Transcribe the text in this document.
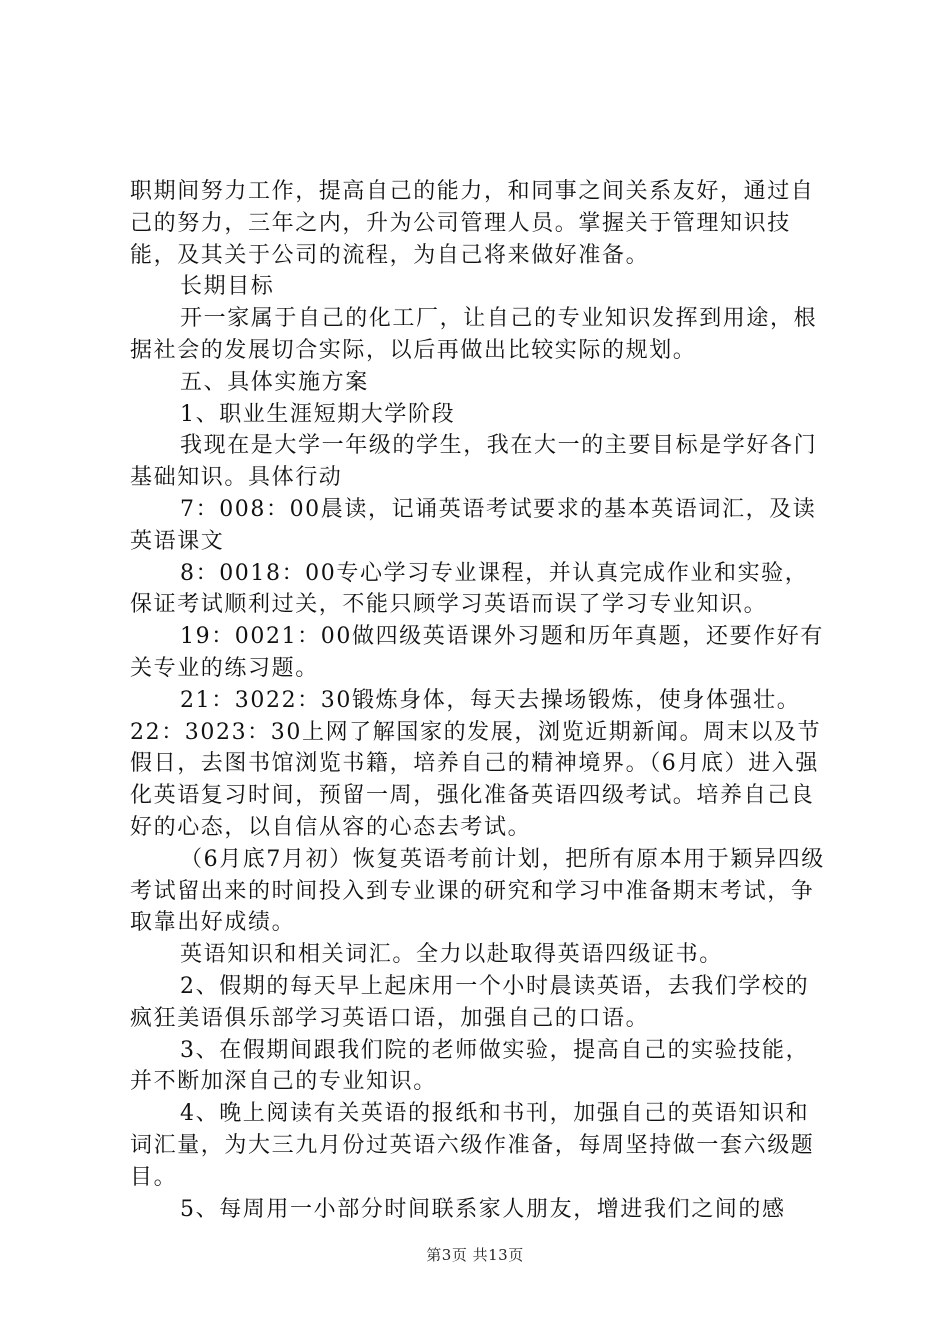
职期间努力工作，提高自己的能力，和同事之间关系友好，通过自己的努力，三年之内，升为公司管理人员。掌握关于管理知识技能，及其关于公司的流程，为自己将来做好准备。

长期目标

开一家属于自己的化工厂，让自己的专业知识发挥到用途，根据社会的发展切合实际，以后再做出比较实际的规划。

五、具体实施方案

1、职业生涯短期大学阶段

我现在是大学一年级的学生，我在大一的主要目标是学好各门基础知识。具体行动

7：008：00晨读，记诵英语考试要求的基本英语词汇，及读英语课文

8：0018：00专心学习专业课程，并认真完成作业和实验，保证考试顺利过关，不能只顾学习英语而误了学习专业知识。

19：0021：00做四级英语课外习题和历年真题，还要作好有关专业的练习题。

21：3022：30锻炼身体，每天去操场锻炼，使身体强壮。22：3023：30上网了解国家的发展，浏览近期新闻。周末以及节假日，去图书馆浏览书籍，培养自己的精神境界。（6月底）进入强化英语复习时间，预留一周，强化准备英语四级考试。培养自己良好的心态，以自信从容的心态去考试。

（6月底7月初）恢复英语考前计划，把所有原本用于颖异四级考试留出来的时间投入到专业课的研究和学习中准备期末考试，争取靠出好成绩。

英语知识和相关词汇。全力以赴取得英语四级证书。

2、假期的每天早上起床用一个小时晨读英语，去我们学校的疯狂美语俱乐部学习英语口语，加强自己的口语。

3、在假期间跟我们院的老师做实验，提高自己的实验技能，并不断加深自己的专业知识。

4、晚上阅读有关英语的报纸和书刊，加强自己的英语知识和词汇量，为大三九月份过英语六级作准备，每周坚持做一套六级题目。

5、每周用一小部分时间联系家人朋友，增进我们之间的感

第3页 共13页
